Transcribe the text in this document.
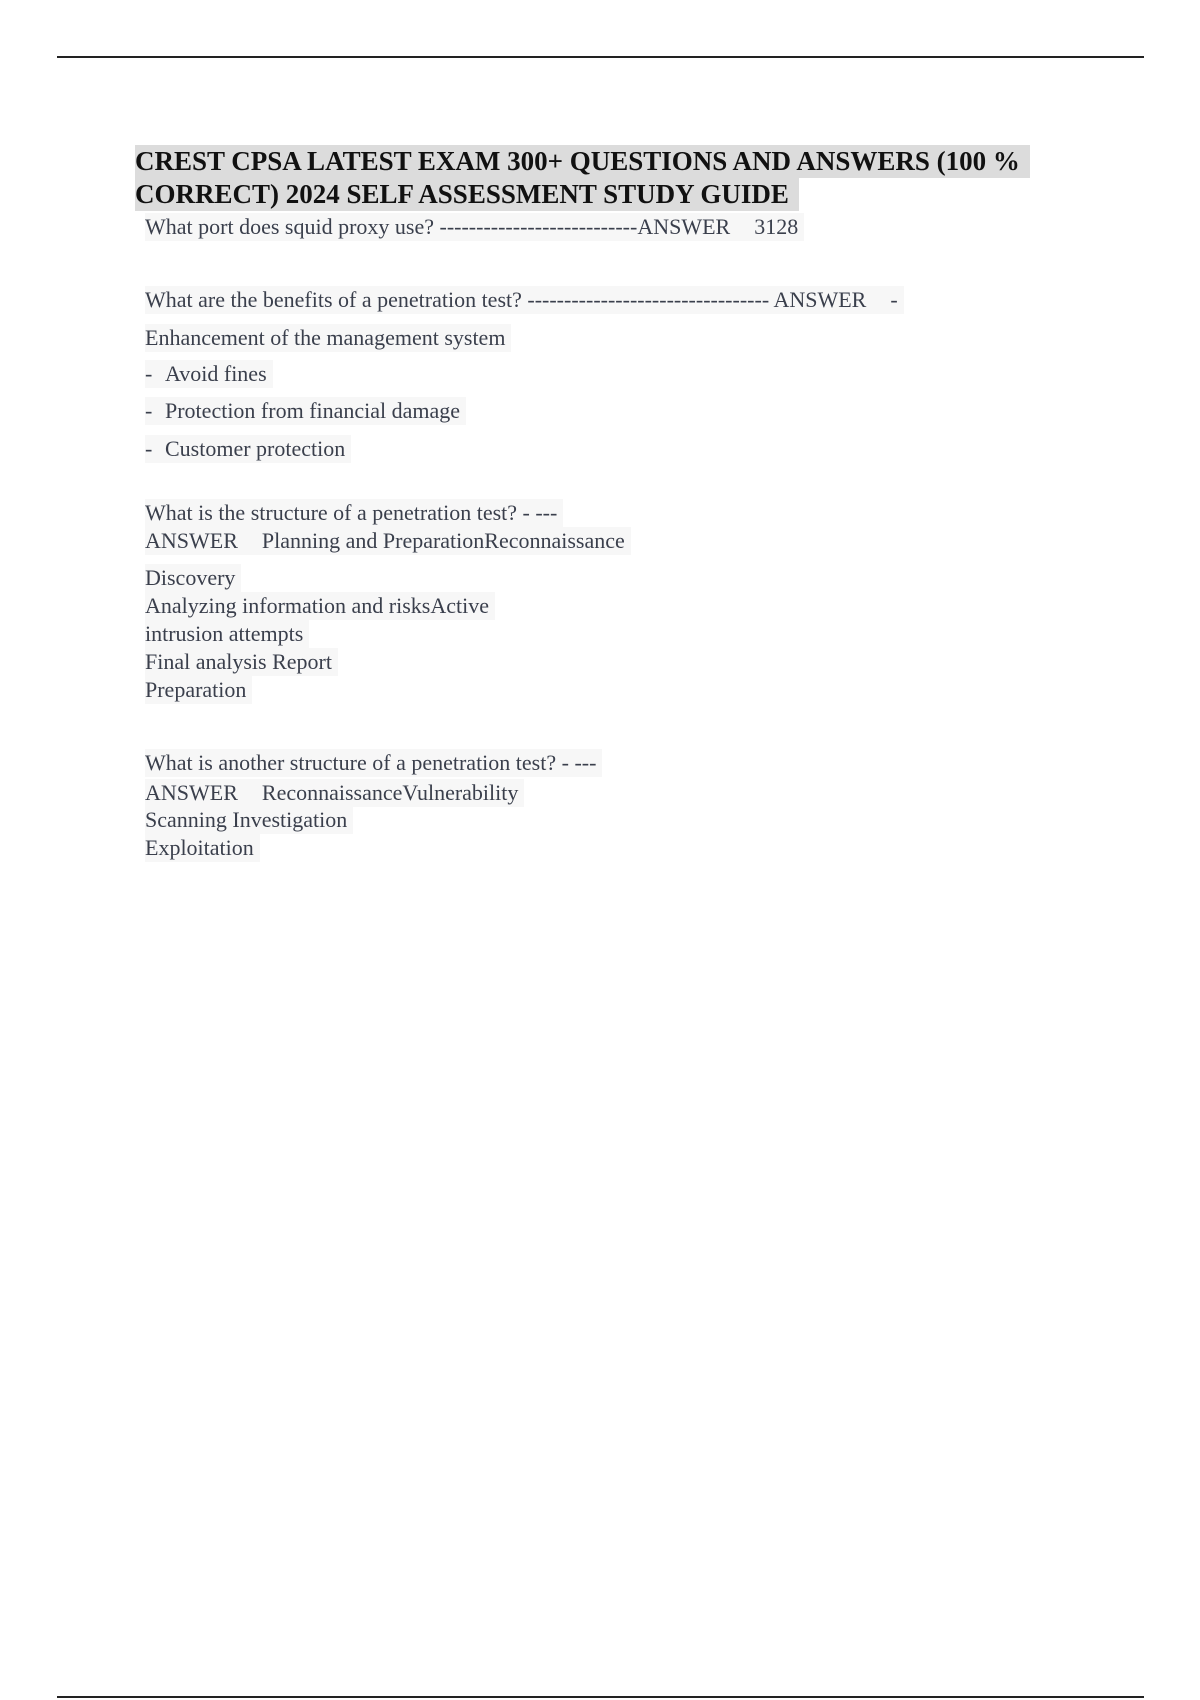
CREST CPSA LATEST EXAM 300+ QUESTIONS AND ANSWERS (100 %
CORRECT) 2024 SELF ASSESSMENT STUDY GUIDE
What port does squid proxy use? ---------------------------ANSWER 3128
What are the benefits of a penetration test? --------------------------------- ANSWER -
Enhancement of the management system
- Avoid fines
- Protection from financial damage
- Customer protection
What is the structure of a penetration test? - ---
ANSWER Planning and PreparationReconnaissance
Discovery
Analyzing information and risksActive
intrusion attempts
Final analysis Report
Preparation
What is another structure of a penetration test? - ---
ANSWER ReconnaissanceVulnerability
Scanning Investigation
Exploitation
